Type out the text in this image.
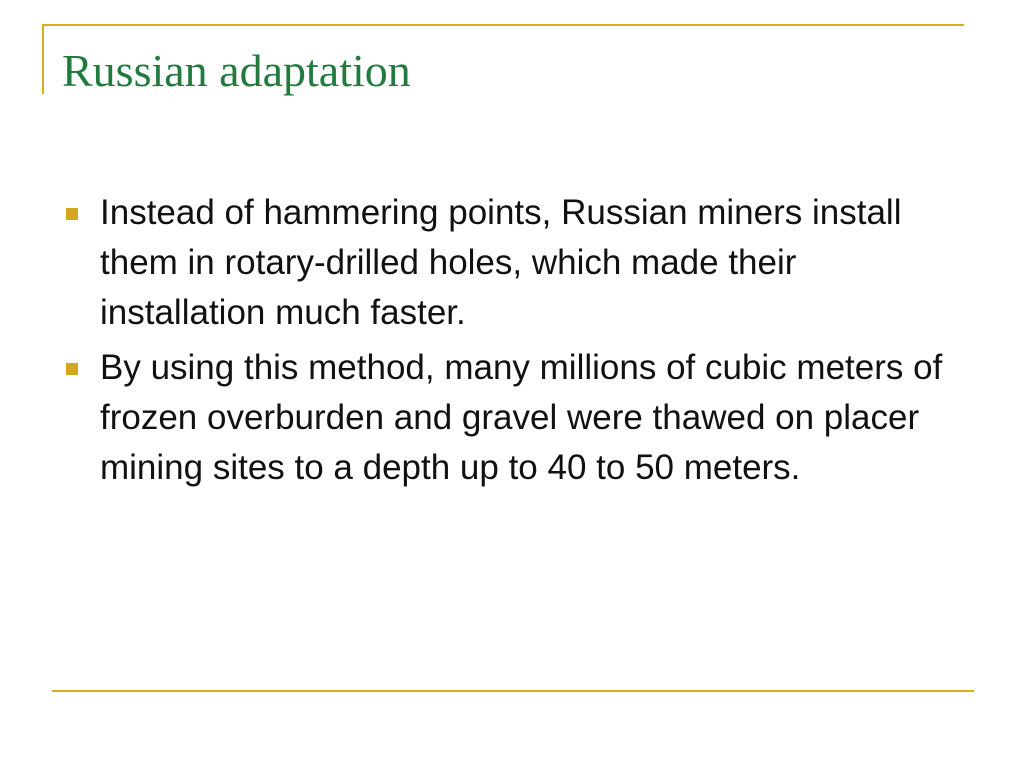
Russian adaptation
Instead of hammering points, Russian miners install them in rotary-drilled holes, which made their installation much faster.
By using this method, many millions of cubic meters of frozen overburden and gravel were thawed on placer mining sites to a depth up to 40 to 50 meters.
